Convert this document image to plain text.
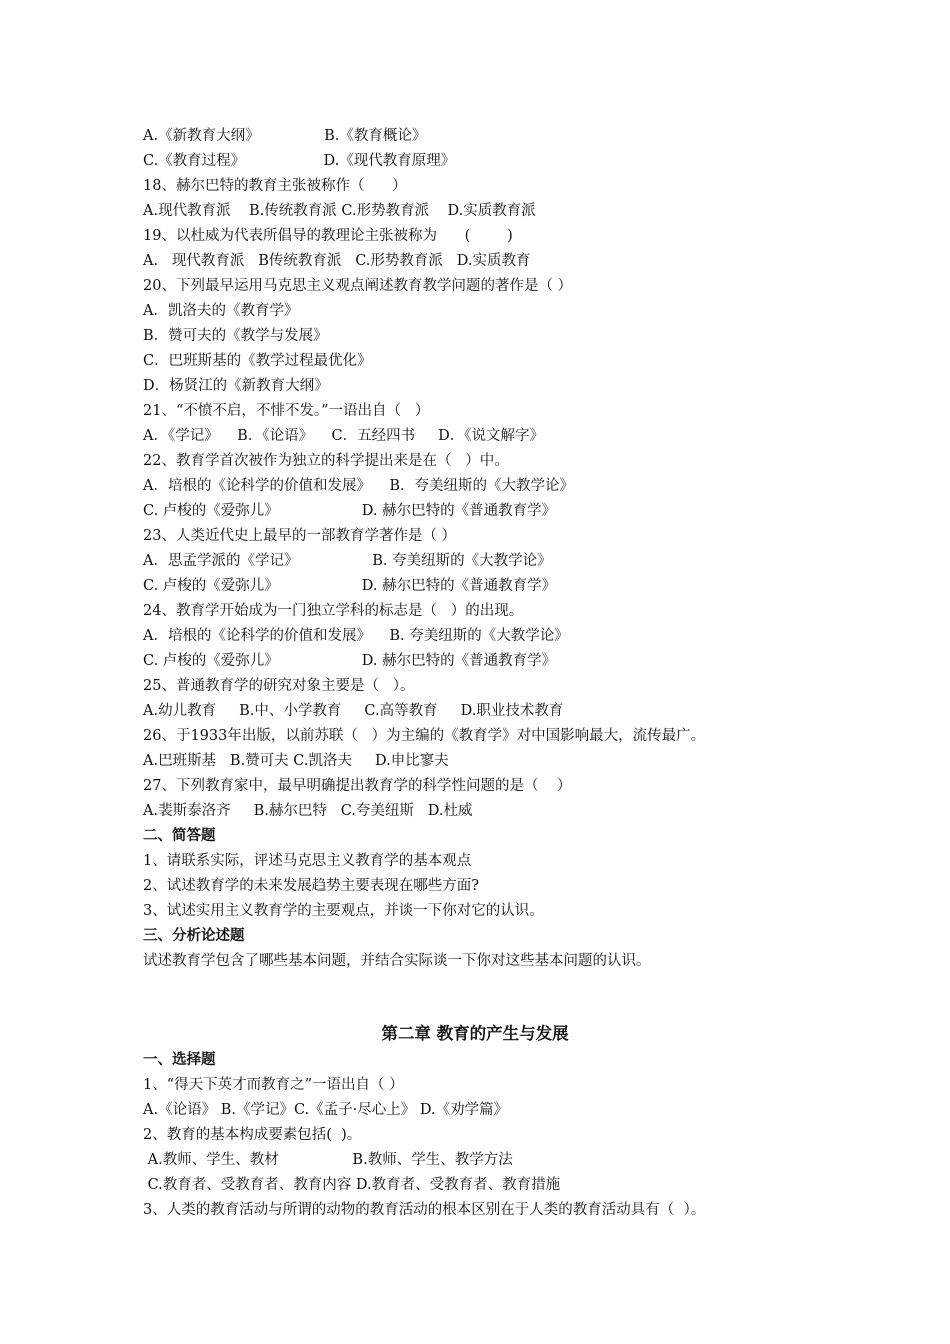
A.《新教育大纲》              B.《教育概论》
C.《教育过程》                 D.《现代教育原理》
18、赫尔巴特的教育主张被称作（      ）
A.现代教育派    B.传统教育派 C.形势教育派    D.实质教育派
19、以杜威为代表所倡导的教理论主张被称为      (        )
A.   现代教育派   B传统教育派   C.形势教育派   D.实质教育
20、下列最早运用马克思主义观点阐述教育教学问题的著作是（ ）
A．凯洛夫的《教育学》
B．赞可夫的《教学与发展》
C．巴班斯基的《教学过程最优化》
D．杨贤江的《新教育大纲》
21、“不愤不启，不悱不发。”一语出自（   ）
A．《学记》    B．《论语》    C．五经四书     D．《说文解字》
22、教育学首次被作为独立的科学提出来是在（   ）中。
A．培根的《论科学的价值和发展》    B．夸美纽斯的《大教学论》
C. 卢梭的《爱弥儿》                  D. 赫尔巴特的《普通教育学》
23、人类近代史上最早的一部教育学著作是（ ）
A．思孟学派的《学记》                B. 夸美纽斯的《大教学论》
C. 卢梭的《爱弥儿》                  D. 赫尔巴特的《普通教育学》
24、教育学开始成为一门独立学科的标志是（   ）的出现。
A．培根的《论科学的价值和发展》    B. 夸美纽斯的《大教学论》
C. 卢梭的《爱弥儿》                  D. 赫尔巴特的《普通教育学》
25、普通教育学的研究对象主要是（   ）。
A.幼儿教育     B.中、小学教育     C.高等教育     D.职业技术教育
26、于1933年出版，以前苏联（   ）为主编的《教育学》对中国影响最大，流传最广。
A.巴班斯基   B.赞可夫 C.凯洛夫     D.申比寥夫
27、下列教育家中，最早明确提出教育学的科学性问题的是（    ）
A.裴斯泰洛齐     B.赫尔巴特   C.夸美纽斯   D.杜威
二、简答题
1、请联系实际，评述马克思主义教育学的基本观点
2、试述教育学的未来发展趋势主要表现在哪些方面?
3、试述实用主义教育学的主要观点，并谈一下你对它的认识。
三、分析论述题
试述教育学包含了哪些基本问题，并结合实际谈一下你对这些基本问题的认识。
第二章 教育的产生与发展
一、选择题
1、“得天下英才而教育之”一语出自（ ）
A.《论语》 B.《学记》C.《孟子·尽心上》 D.《劝学篇》
2、教育的基本构成要素包括(  )。
A.教师、学生、教材                B.教师、学生、教学方法
C.教育者、受教育者、教育内容 D.教育者、受教育者、教育措施
3、人类的教育活动与所谓的动物的教育活动的根本区别在于人类的教育活动具有（  ）。
